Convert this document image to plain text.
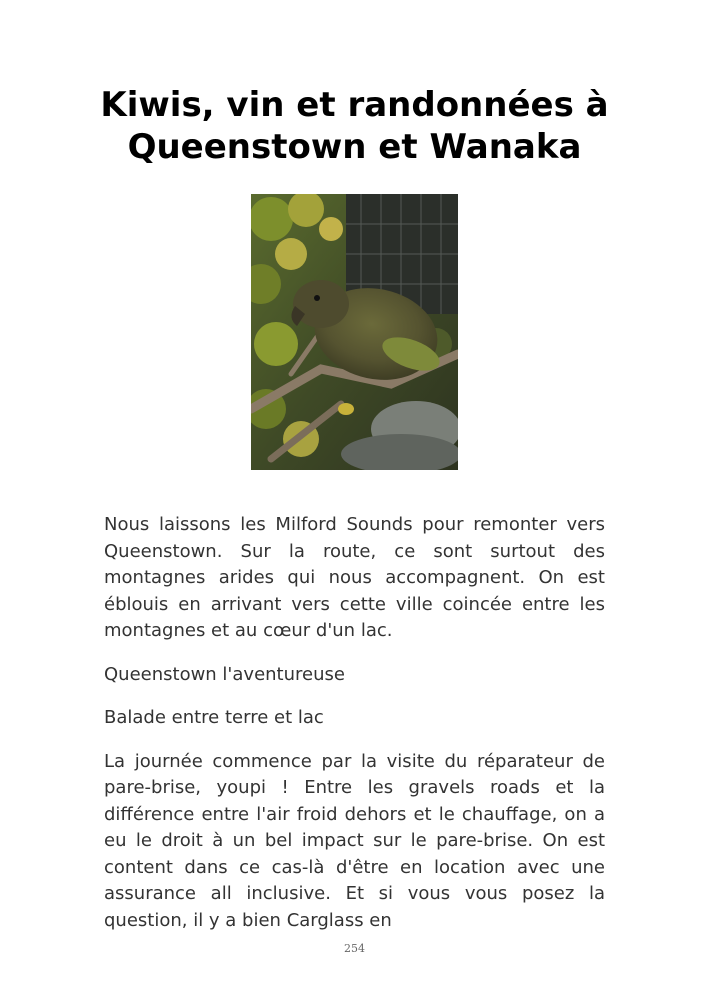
Kiwis, vin et randonnées à Queenstown et Wanaka

Nous laissons les Milford Sounds pour remonter vers Queenstown. Sur la route, ce sont surtout des montagnes arides qui nous accompagnent. On est éblouis en arrivant vers cette ville coincée entre les montagnes et au cœur d'un lac.

Queenstown l'aventureuse

Balade entre terre et lac

La journée commence par la visite du réparateur de pare-brise, youpi ! Entre les gravels roads et la différence entre l'air froid dehors et le chauffage, on a eu le droit à un bel impact sur le pare-brise. On est content dans ce cas-là d'être en location avec une assurance all inclusive. Et si vous vous posez la question, il y a bien Carglass en

254
